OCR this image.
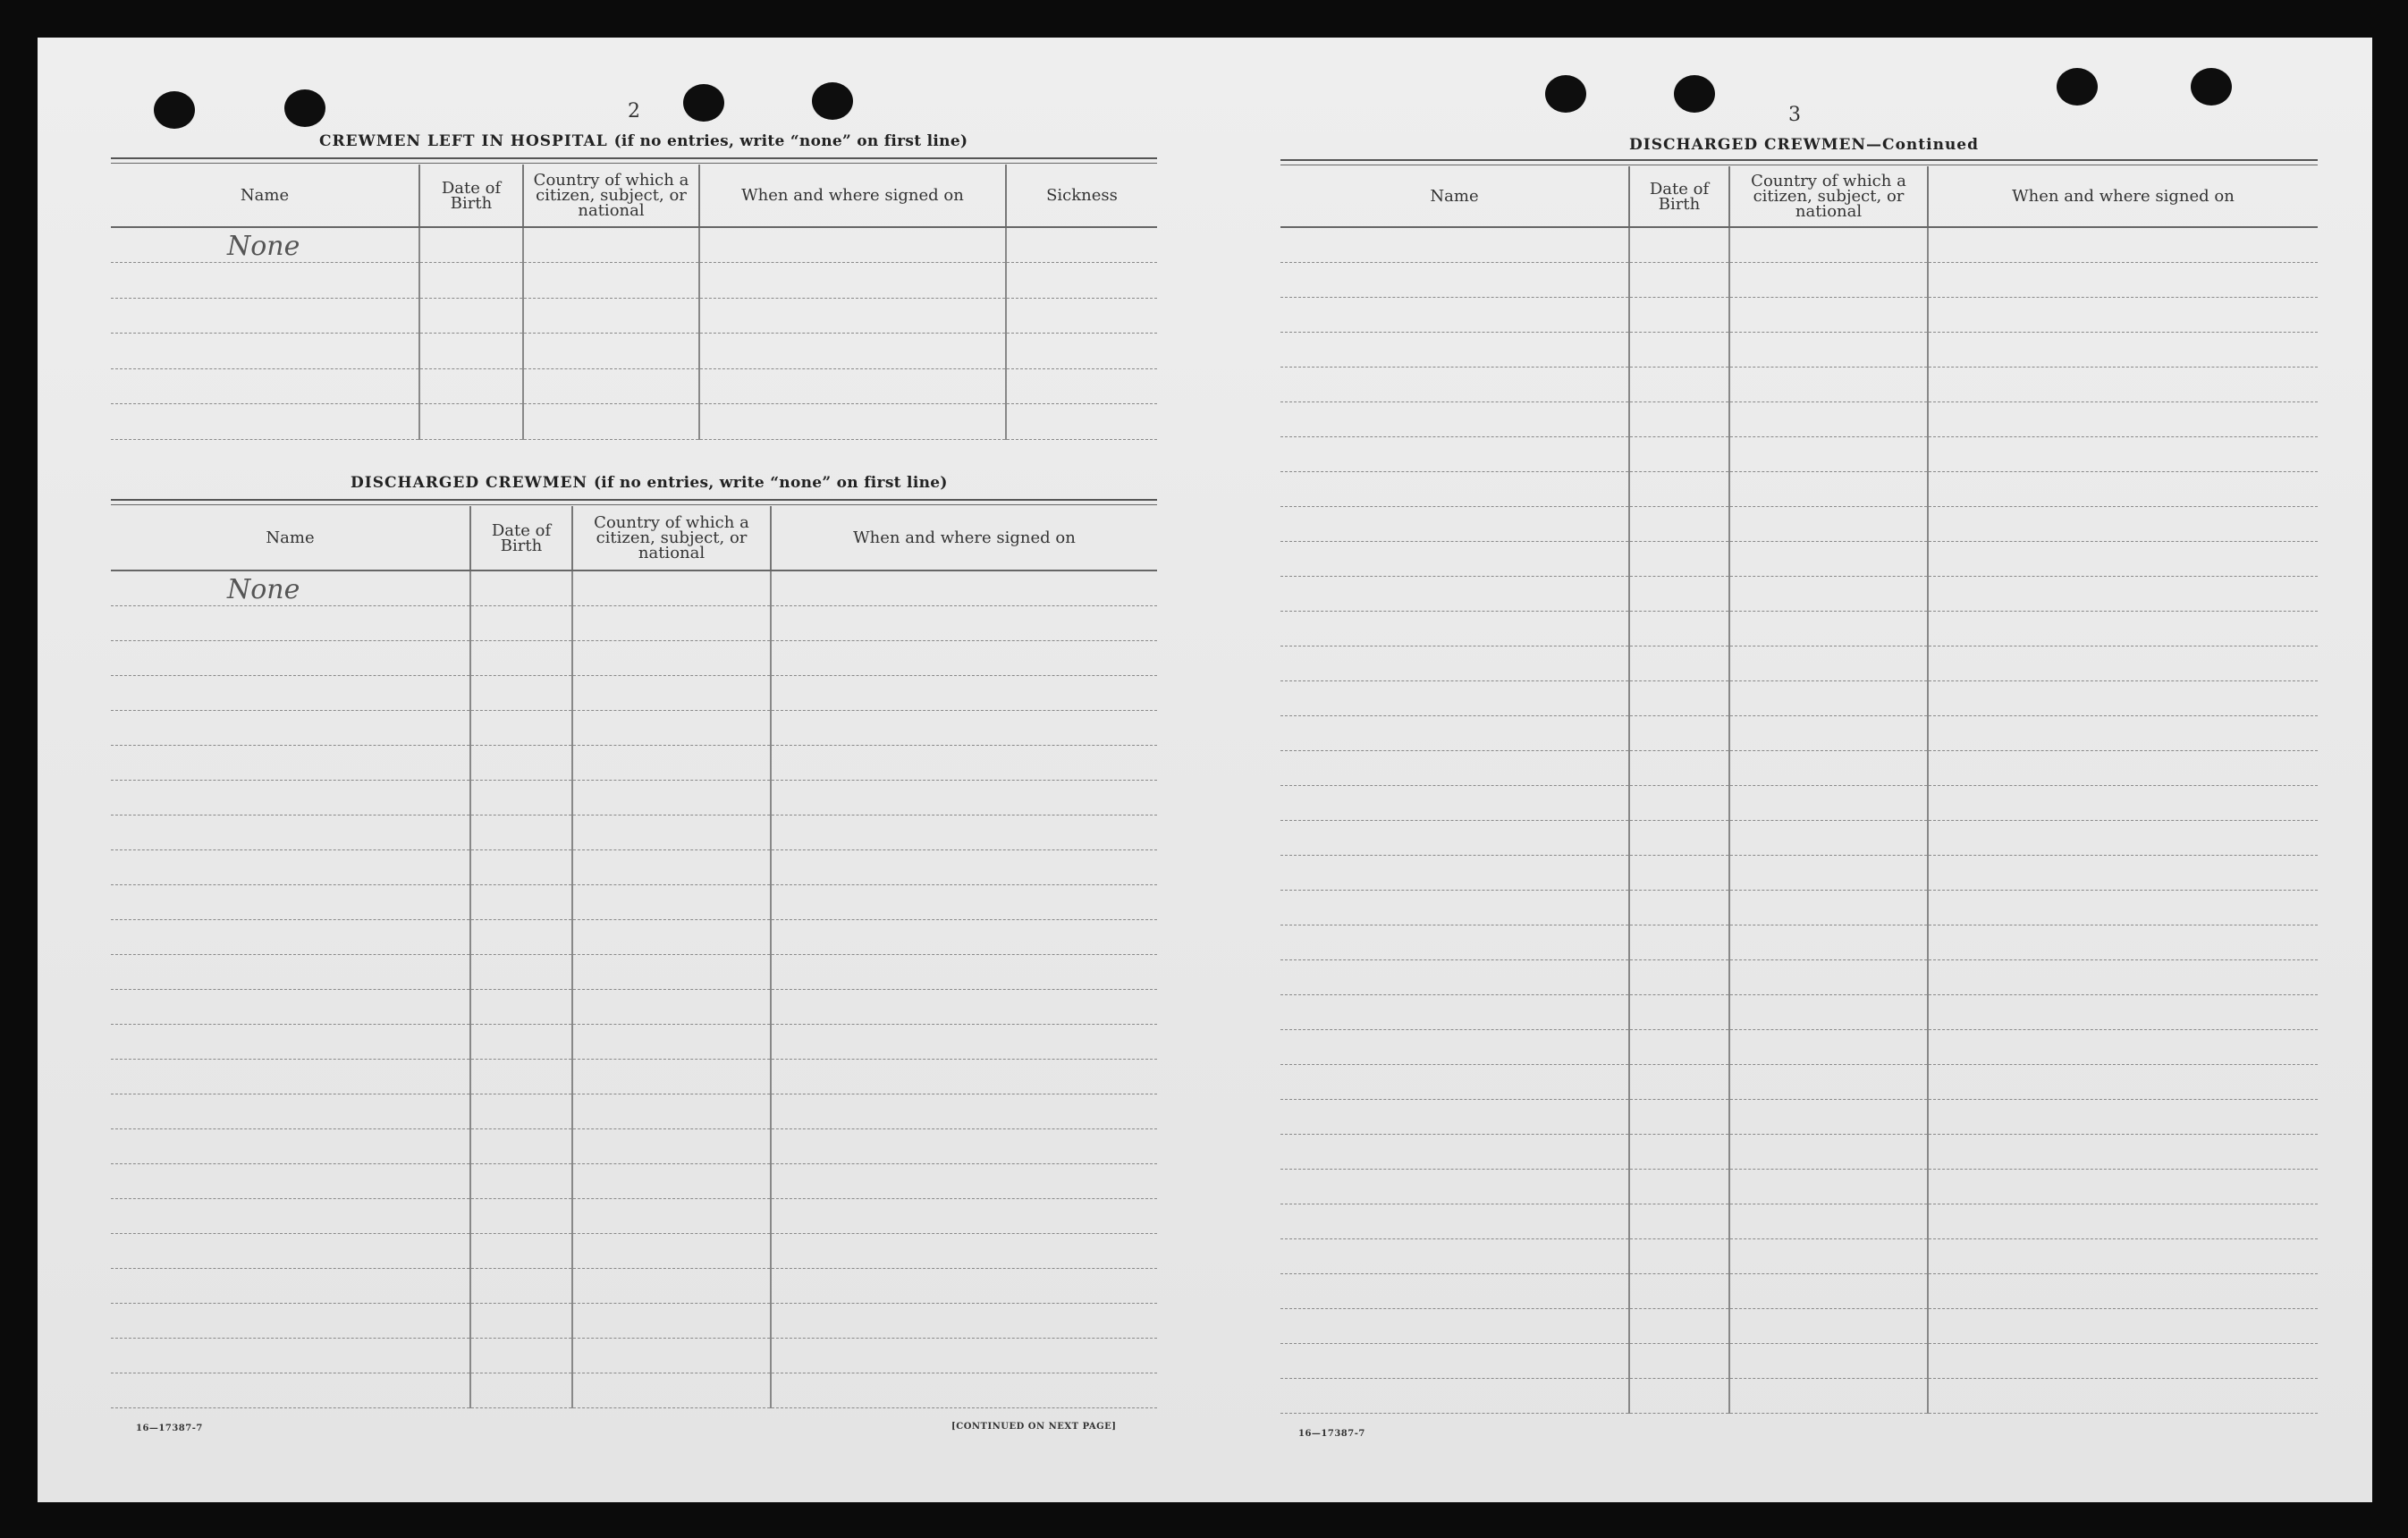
2
CREWMEN LEFT IN HOSPITAL (if no entries, write “none” on first line)
Name	Date of Birth	Country of which a citizen, subject, or national	When and where signed on	Sickness
None				

DISCHARGED CREWMEN (if no entries, write “none” on first line)
Name	Date of Birth	Country of which a citizen, subject, or national	When and where signed on
None			

16—17387-7	[CONTINUED ON NEXT PAGE]
3
DISCHARGED CREWMEN—Continued
Name	Date of Birth	Country of which a citizen, subject, or national	When and where signed on

16—17387-7
